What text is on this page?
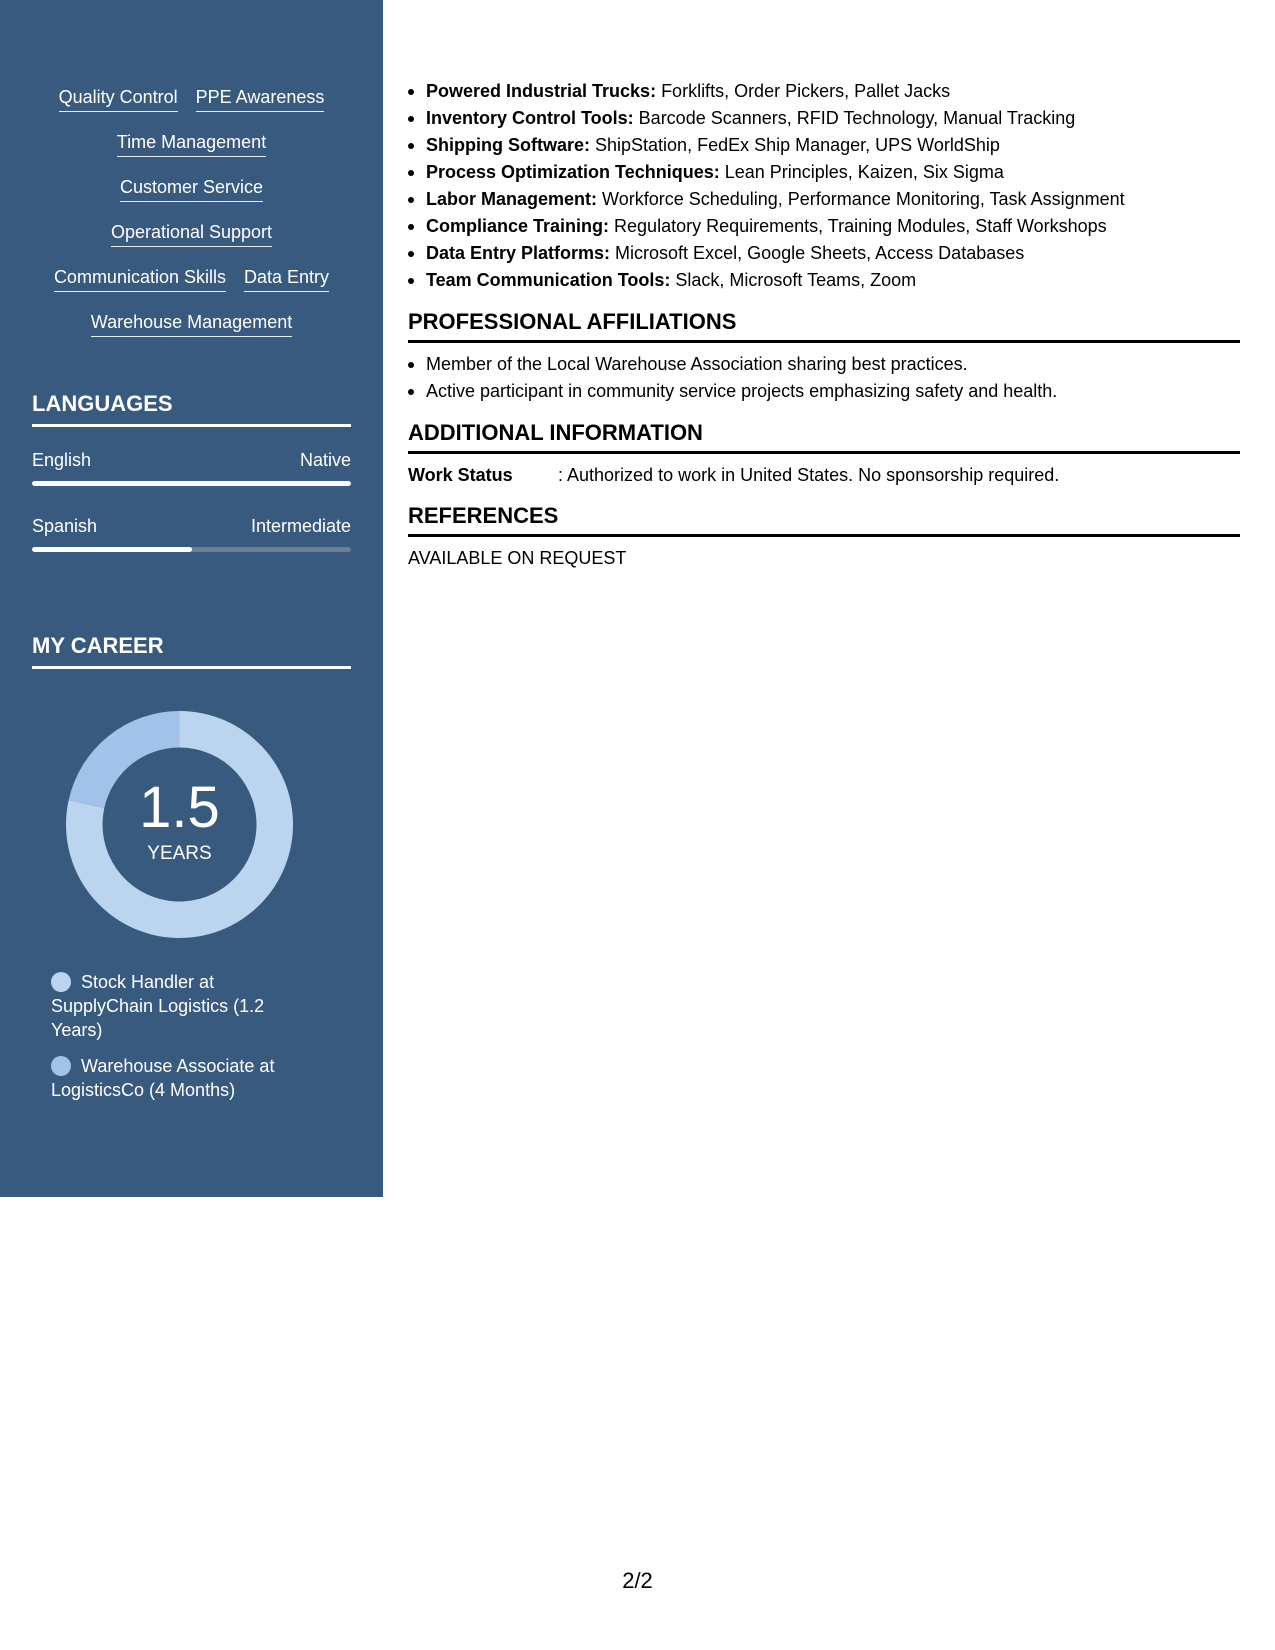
Quality Control PPE Awareness
Time Management
Customer Service
Operational Support
Communication Skills Data Entry
Warehouse Management
LANGUAGES
English	Native
Spanish	Intermediate
MY CAREER
1.5
YEARS
Stock Handler at SupplyChain Logistics (1.2 Years)
Warehouse Associate at LogisticsCo (4 Months)
Powered Industrial Trucks: Forklifts, Order Pickers, Pallet Jacks
Inventory Control Tools: Barcode Scanners, RFID Technology, Manual Tracking
Shipping Software: ShipStation, FedEx Ship Manager, UPS WorldShip
Process Optimization Techniques: Lean Principles, Kaizen, Six Sigma
Labor Management: Workforce Scheduling, Performance Monitoring, Task Assignment
Compliance Training: Regulatory Requirements, Training Modules, Staff Workshops
Data Entry Platforms: Microsoft Excel, Google Sheets, Access Databases
Team Communication Tools: Slack, Microsoft Teams, Zoom
PROFESSIONAL AFFILIATIONS
Member of the Local Warehouse Association sharing best practices.
Active participant in community service projects emphasizing safety and health.
ADDITIONAL INFORMATION
Work Status	: Authorized to work in United States. No sponsorship required.
REFERENCES
AVAILABLE ON REQUEST
2/2
